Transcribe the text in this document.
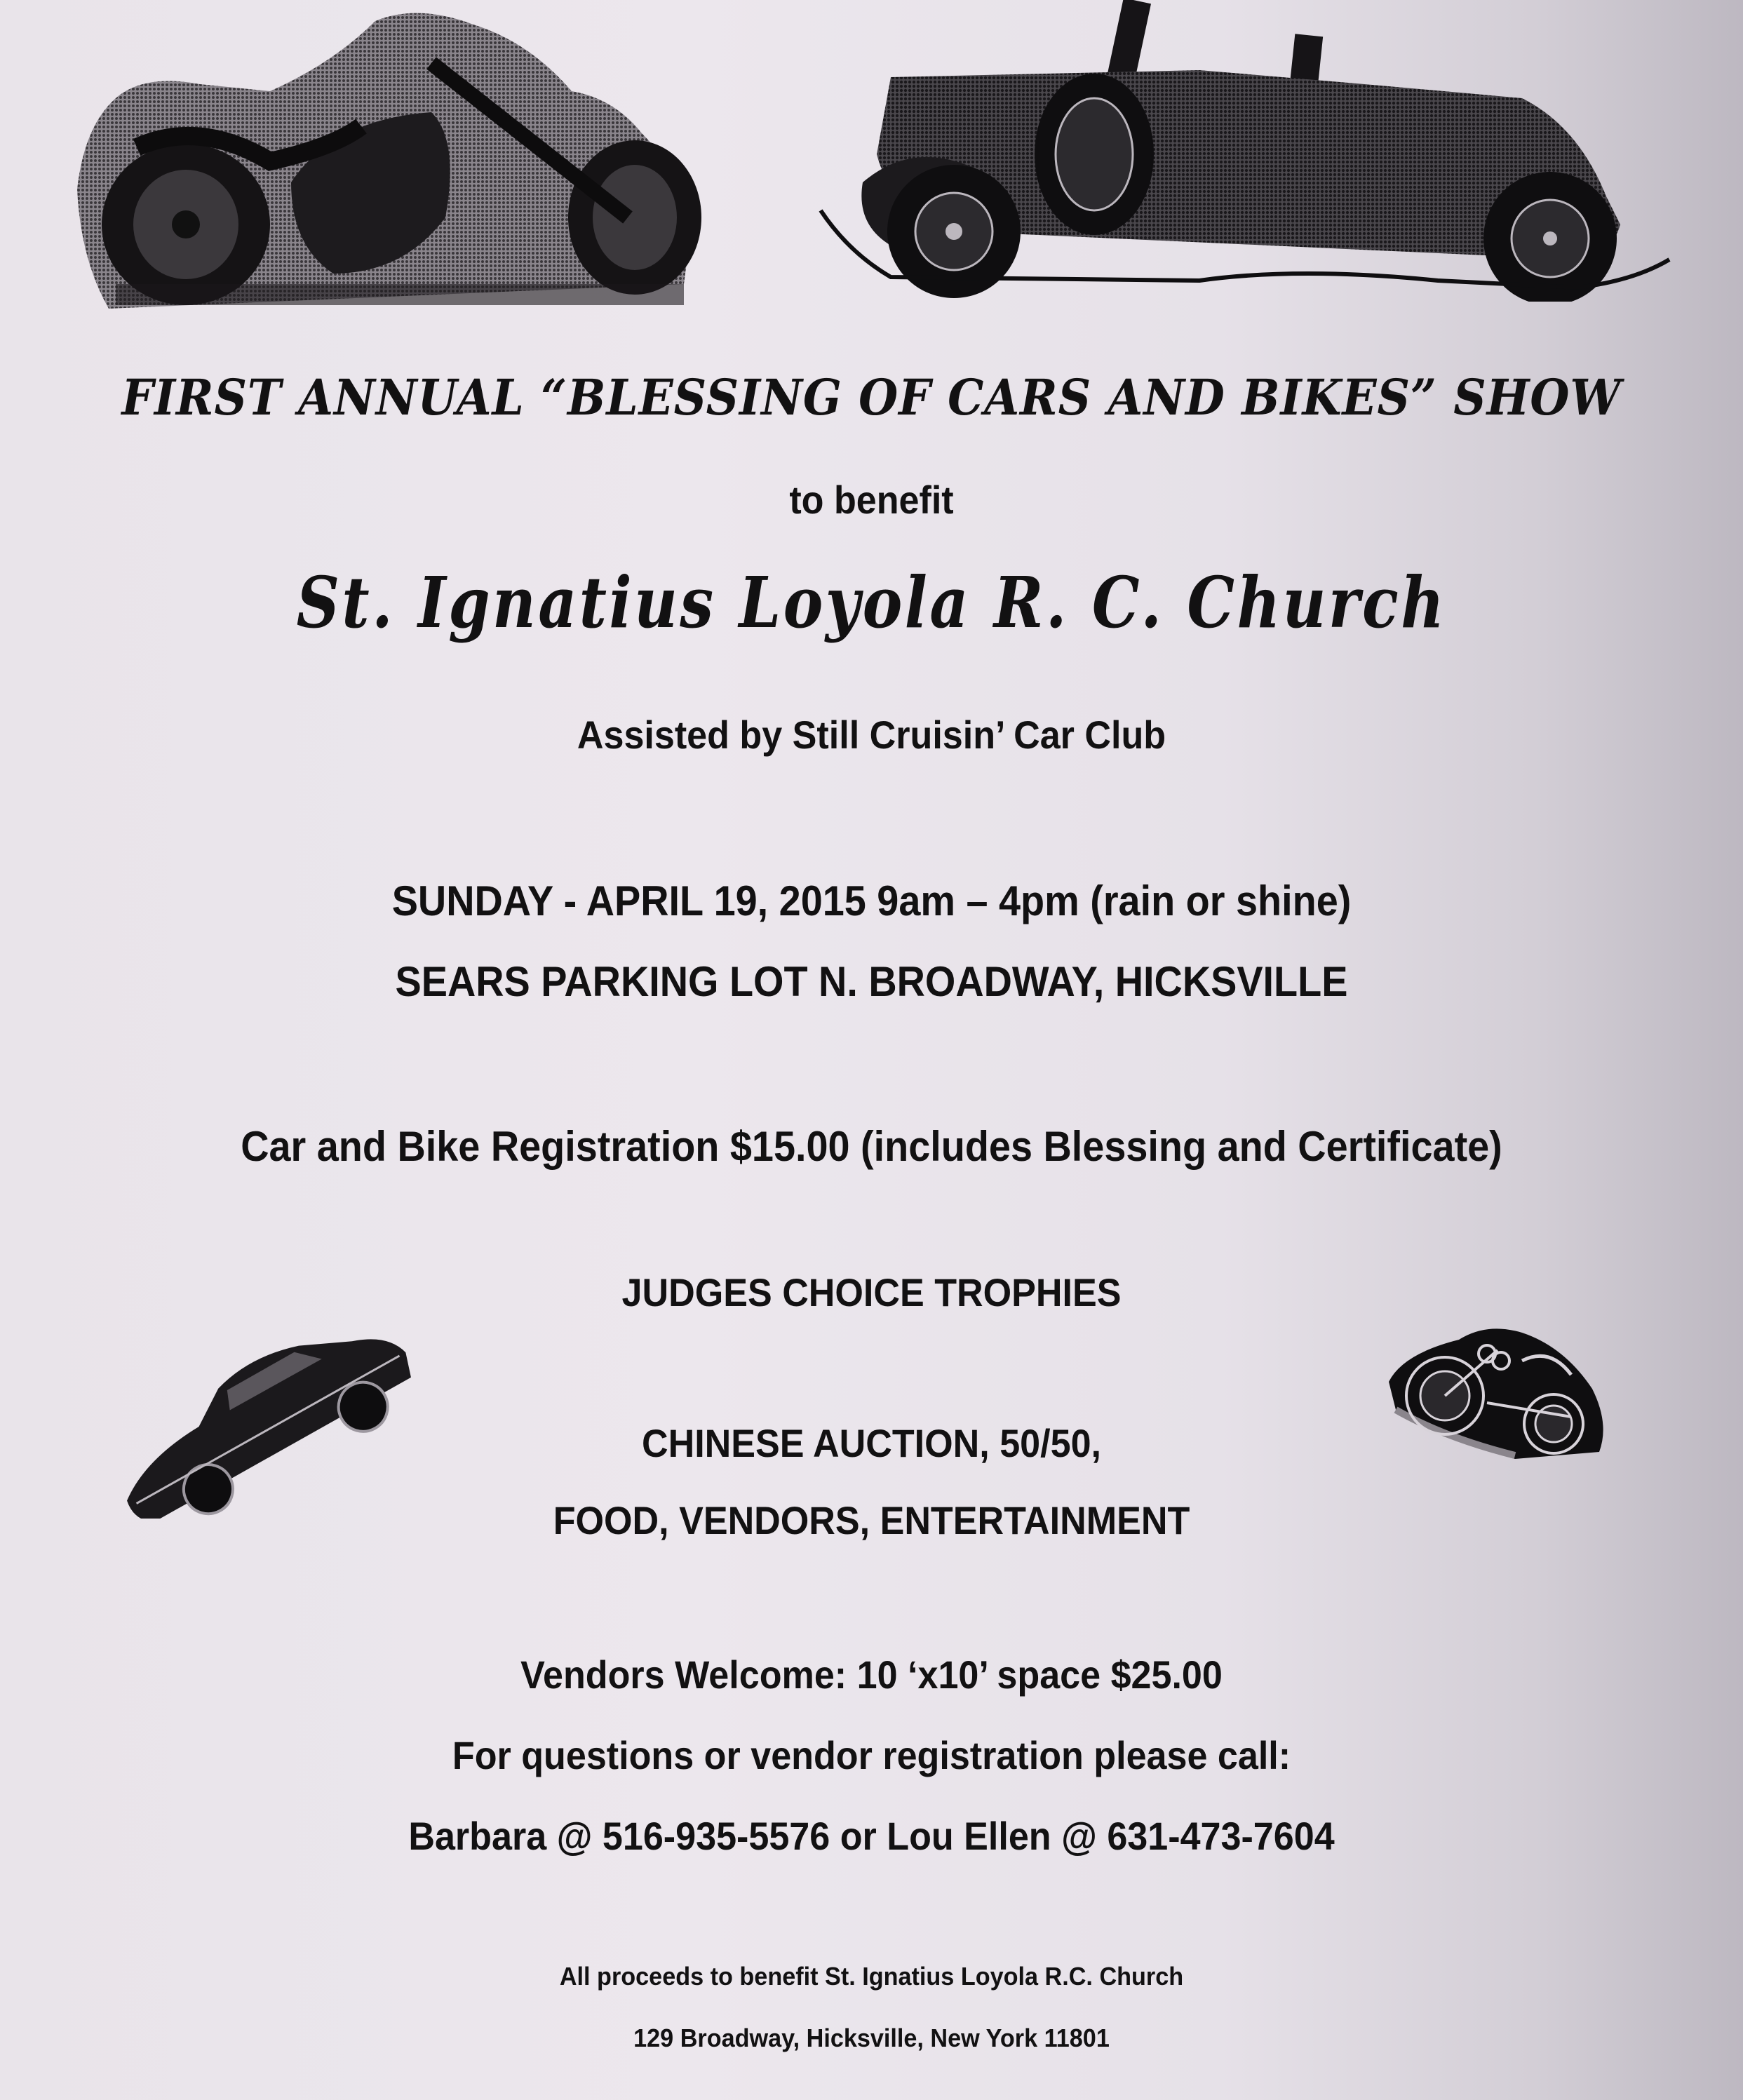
FIRST ANNUAL “BLESSING OF CARS AND BIKES” SHOW
to benefit
St. Ignatius Loyola R. C. Church
Assisted by Still Cruisin’ Car Club
SUNDAY - APRIL 19, 2015 9am – 4pm (rain or shine)
SEARS PARKING LOT N. BROADWAY, HICKSVILLE
Car and Bike Registration $15.00 (includes Blessing and Certificate)
JUDGES CHOICE TROPHIES
CHINESE AUCTION, 50/50,
FOOD, VENDORS, ENTERTAINMENT
Vendors Welcome: 10 ‘x10’ space $25.00
For questions or vendor registration please call:
Barbara @ 516-935-5576 or Lou Ellen @ 631-473-7604
All proceeds to benefit St. Ignatius Loyola R.C. Church
129 Broadway, Hicksville, New York 11801
